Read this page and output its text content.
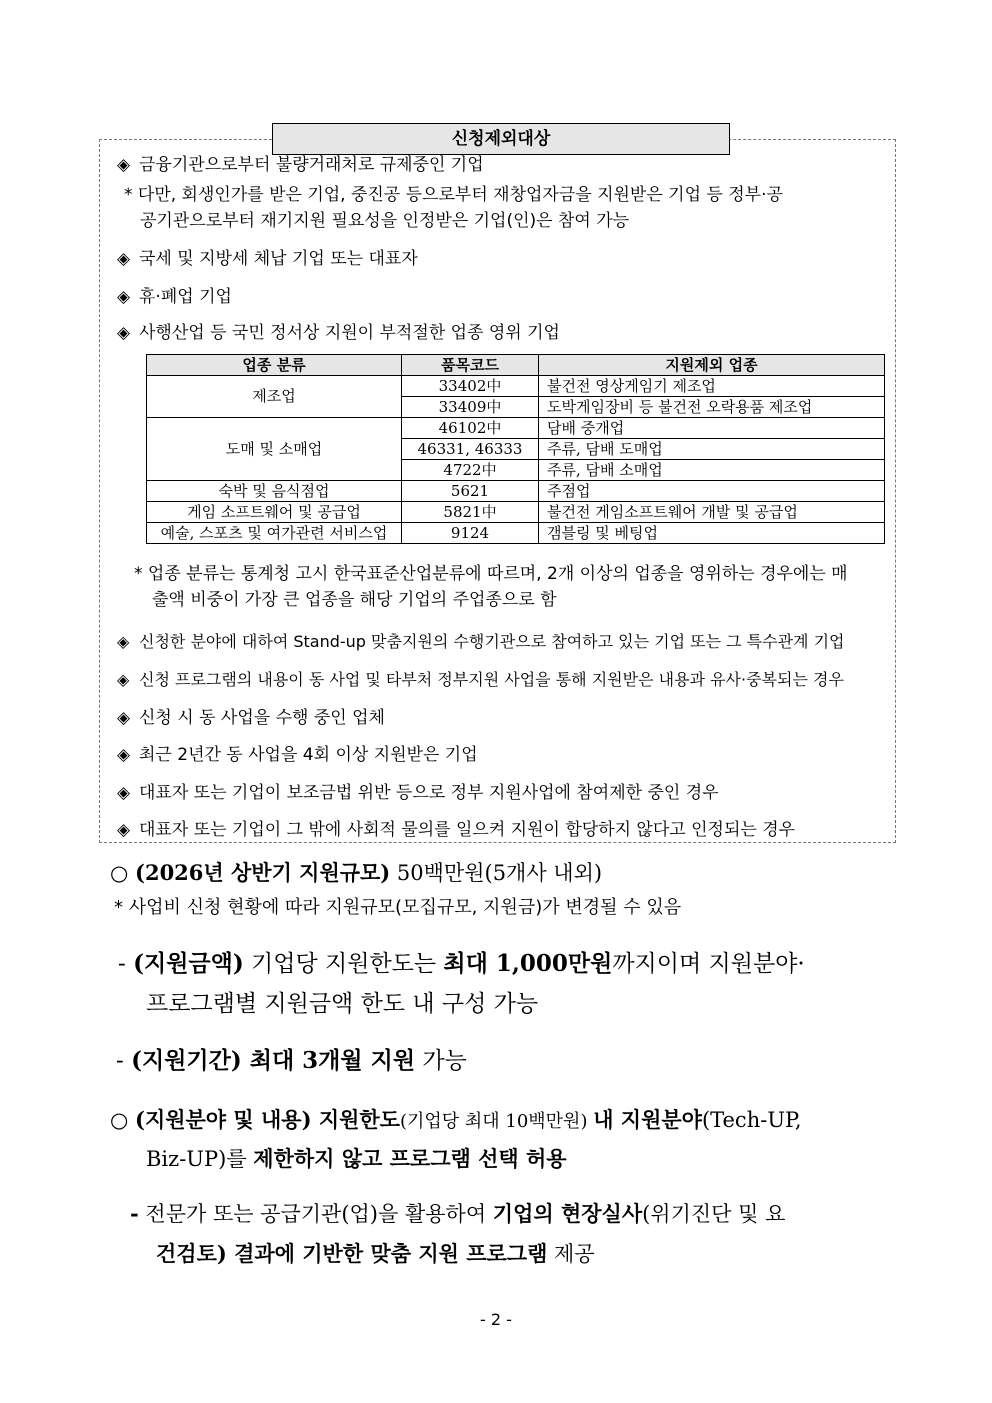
신청제외대상
◈ 금융기관으로부터 불량거래처로 규제중인 기업
* 다만, 회생인가를 받은 기업, 중진공 등으로부터 재창업자금을 지원받은 기업 등 정부·공
공기관으로부터 재기지원 필요성을 인정받은 기업(인)은 참여 가능
◈ 국세 및 지방세 체납 기업 또는 대표자
◈ 휴·폐업 기업
◈ 사행산업 등 국민 정서상 지원이 부적절한 업종 영위 기업
업종 분류	품목코드	지원제외 업종
제조업	33402中	불건전 영상게임기 제조업
	33409中	도박게임장비 등 불건전 오락용품 제조업
도매 및 소매업	46102中	담배 중개업
	46331, 46333	주류, 담배 도매업
	4722中	주류, 담배 소매업
숙박 및 음식점업	5621	주점업
게임 소프트웨어 및 공급업	5821中	불건전 게임소프트웨어 개발 및 공급업
예술, 스포츠 및 여가관련 서비스업	9124	갬블링 및 베팅업
* 업종 분류는 통계청 고시 한국표준산업분류에 따르며, 2개 이상의 업종을 영위하는 경우에는 매
출액 비중이 가장 큰 업종을 해당 기업의 주업종으로 함
◈ 신청한 분야에 대하여 Stand-up 맞춤지원의 수행기관으로 참여하고 있는 기업 또는 그 특수관계 기업
◈ 신청 프로그램의 내용이 동 사업 및 타부처 정부지원 사업을 통해 지원받은 내용과 유사·중복되는 경우
◈ 신청 시 동 사업을 수행 중인 업체
◈ 최근 2년간 동 사업을 4회 이상 지원받은 기업
◈ 대표자 또는 기업이 보조금법 위반 등으로 정부 지원사업에 참여제한 중인 경우
◈ 대표자 또는 기업이 그 밖에 사회적 물의를 일으켜 지원이 합당하지 않다고 인정되는 경우
○ (2026년 상반기 지원규모) 50백만원(5개사 내외)
* 사업비 신청 현황에 따라 지원규모(모집규모, 지원금)가 변경될 수 있음
- (지원금액) 기업당 지원한도는 최대 1,000만원까지이며 지원분야·
프로그램별 지원금액 한도 내 구성 가능
- (지원기간) 최대 3개월 지원 가능
○ (지원분야 및 내용) 지원한도(기업당 최대 10백만원) 내 지원분야(Tech-UP,
Biz-UP)를 제한하지 않고 프로그램 선택 허용
- 전문가 또는 공급기관(업)을 활용하여 기업의 현장실사(위기진단 및 요
건검토) 결과에 기반한 맞춤 지원 프로그램 제공
- 2 -
